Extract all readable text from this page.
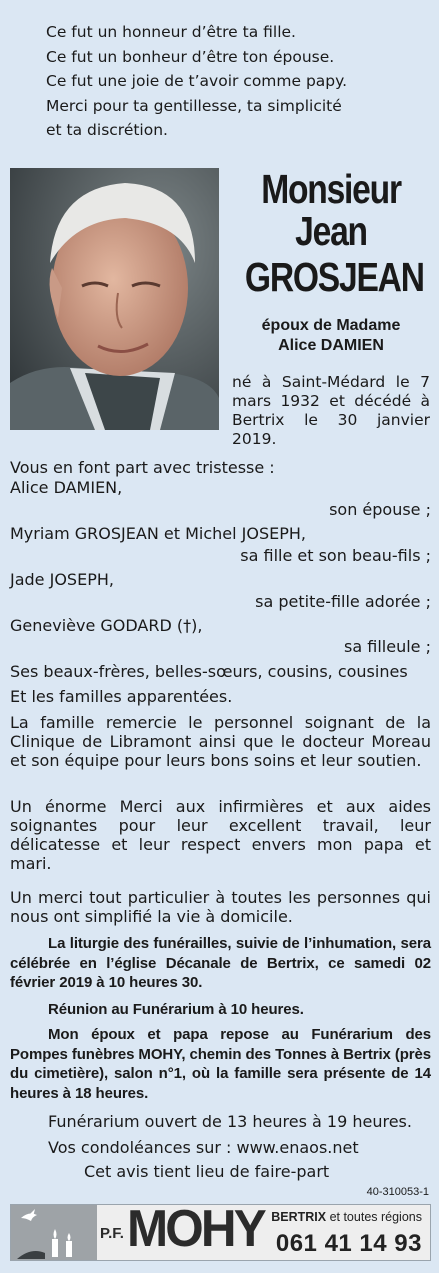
Ce fut un honneur d’être ta fille.
Ce fut un bonheur d’être ton épouse.
Ce fut une joie de t’avoir comme papy.
Merci pour ta gentillesse, ta simplicité
et ta discrétion.
Monsieur
Jean
GROSJEAN
époux de Madame
Alice DAMIEN
né à Saint-Médard le 7 mars 1932 et décédé à Bertrix le 30 janvier 2019.
Vous en font part avec tristesse :
Alice DAMIEN,
son épouse ;
Myriam GROSJEAN et Michel JOSEPH,
sa fille et son beau-fils ;
Jade JOSEPH,
sa petite-fille adorée ;
Geneviève GODARD (†),
sa filleule ;
Ses beaux-frères, belles-sœurs, cousins, cousines
Et les familles apparentées.
La famille remercie le personnel soignant de la Clinique de Libramont ainsi que le docteur Moreau et son équipe pour leurs bons soins et leur soutien.
Un énorme Merci aux infirmières et aux aides soignantes pour leur excellent travail, leur délicatesse et leur respect envers mon papa et mari.
Un merci tout particulier à toutes les personnes qui nous ont simplifié la vie à domicile.
La liturgie des funérailles, suivie de l’inhumation, sera célébrée en l’église Décanale de Bertrix, ce samedi 02 février 2019 à 10 heures 30.
Réunion au Funérarium à 10 heures.
Mon époux et papa repose au Funérarium des Pompes funèbres MOHY, chemin des Tonnes à Bertrix (près du cimetière), salon n°1, où la famille sera présente de 14 heures à 18 heures.
Funérarium ouvert de 13 heures à 19 heures.
Vos condoléances sur : www.enaos.net
Cet avis tient lieu de faire-part
40-310053-1
P.F. MOHY BERTRIX et toutes régions
061 41 14 93
